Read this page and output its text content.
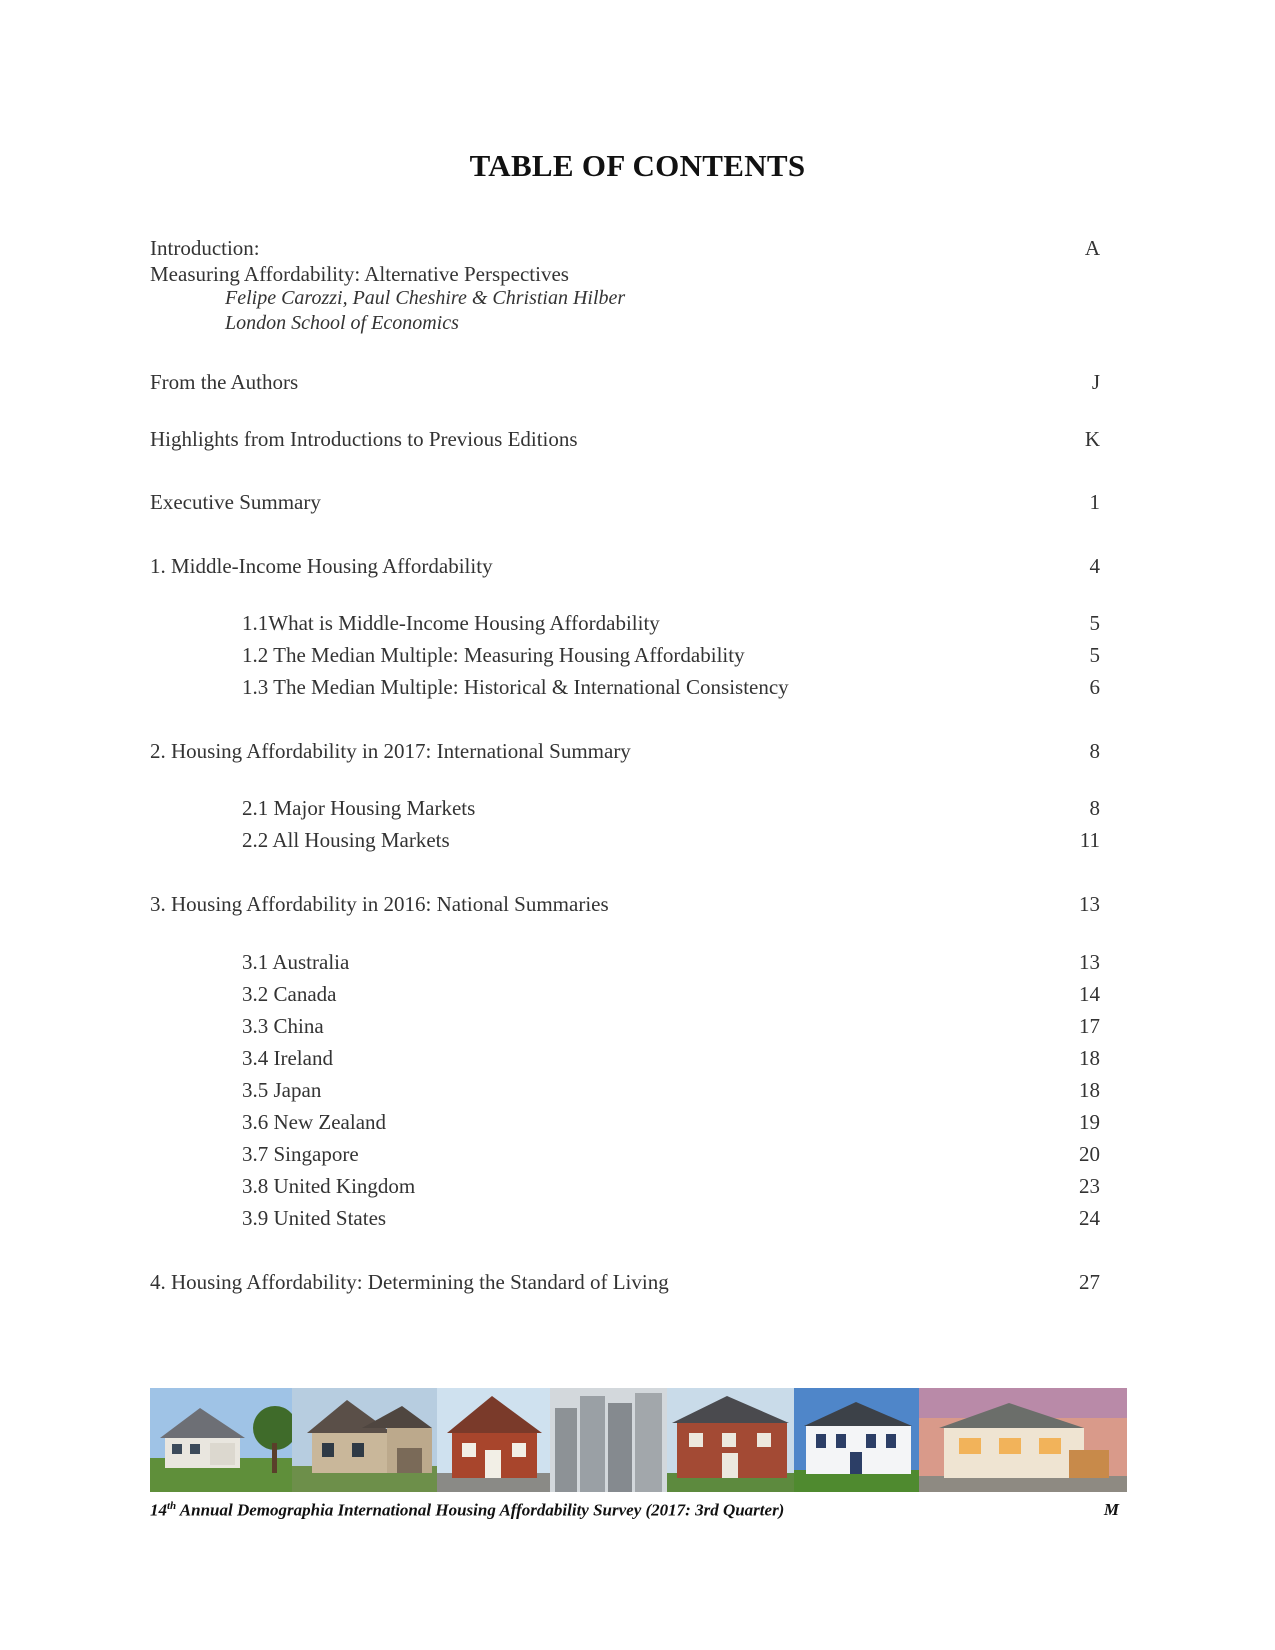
TABLE OF CONTENTS
Introduction:	A
Measuring Affordability: Alternative Perspectives
Felipe Carozzi, Paul Cheshire & Christian Hilber
London School of Economics
From the Authors	J
Highlights from Introductions to Previous Editions	K
Executive Summary	1
1. Middle-Income Housing Affordability	4
1.1What is Middle-Income Housing Affordability	5
1.2 The Median Multiple: Measuring Housing Affordability	5
1.3 The Median Multiple: Historical & International Consistency	6
2. Housing Affordability in 2017: International Summary	8
2.1 Major Housing Markets	8
2.2 All Housing Markets	11
3. Housing Affordability in 2016: National Summaries	13
3.1 Australia	13
3.2 Canada	14
3.3 China	17
3.4 Ireland	18
3.5 Japan	18
3.6 New Zealand	19
3.7 Singapore	20
3.8 United Kingdom	23
3.9 United States	24
4. Housing Affordability: Determining the Standard of Living	27
14th Annual Demographia International Housing Affordability Survey (2017: 3rd Quarter)	M
